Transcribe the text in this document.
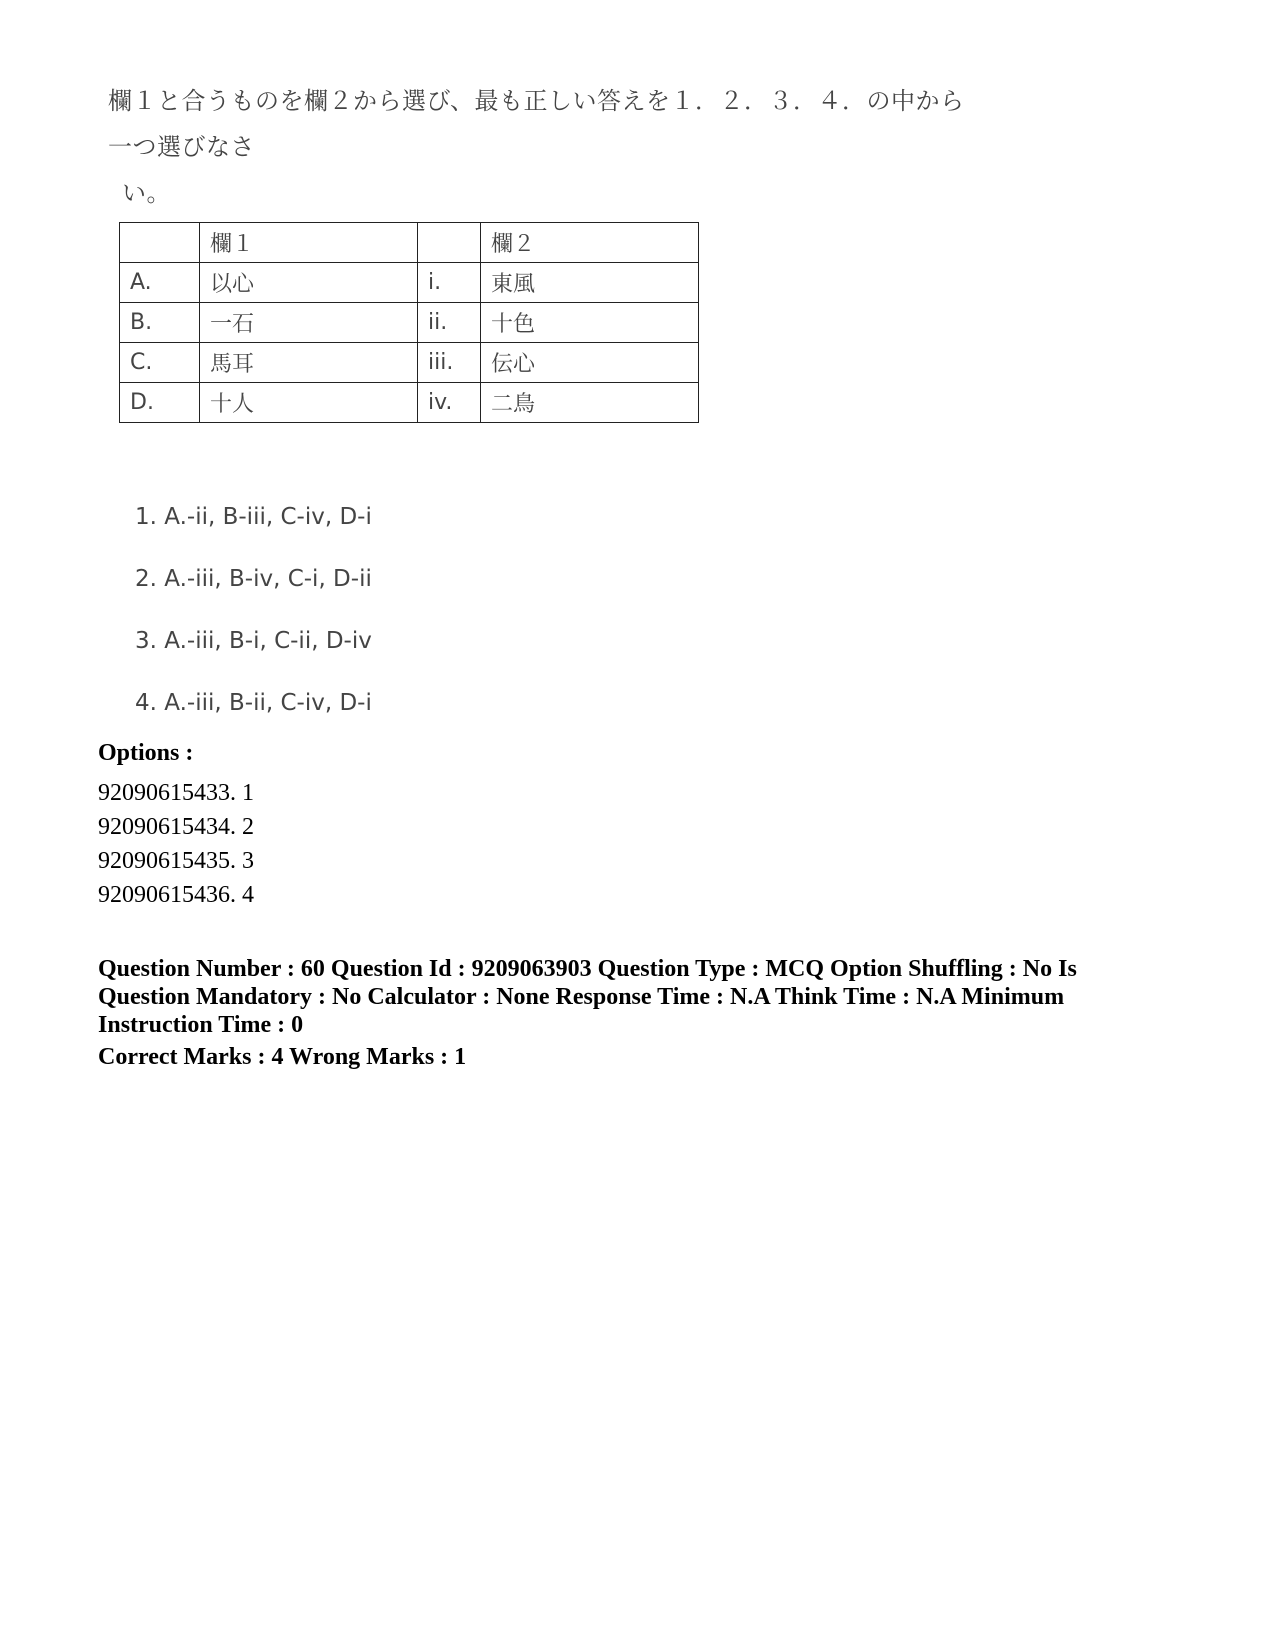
欄１と合うものを欄２から選び、最も正しい答えを１．２．３．４．の中から一つ選びなさ
い。
	欄１		欄２
A.	以心	i.	東風
B.	一石	ii.	十色
C.	馬耳	iii.	伝心
D.	十人	iv.	二鳥
1. A.-ii, B-iii, C-iv, D-i
2. A.-iii, B-iv, C-i, D-ii
3. A.-iii, B-i, C-ii, D-iv
4. A.-iii, B-ii, C-iv, D-i
Options :
92090615433. 1
92090615434. 2
92090615435. 3
92090615436. 4
Question Number : 60 Question Id : 9209063903 Question Type : MCQ Option Shuffling : No Is Question Mandatory : No Calculator : None Response Time : N.A Think Time : N.A Minimum Instruction Time : 0
Correct Marks : 4 Wrong Marks : 1
